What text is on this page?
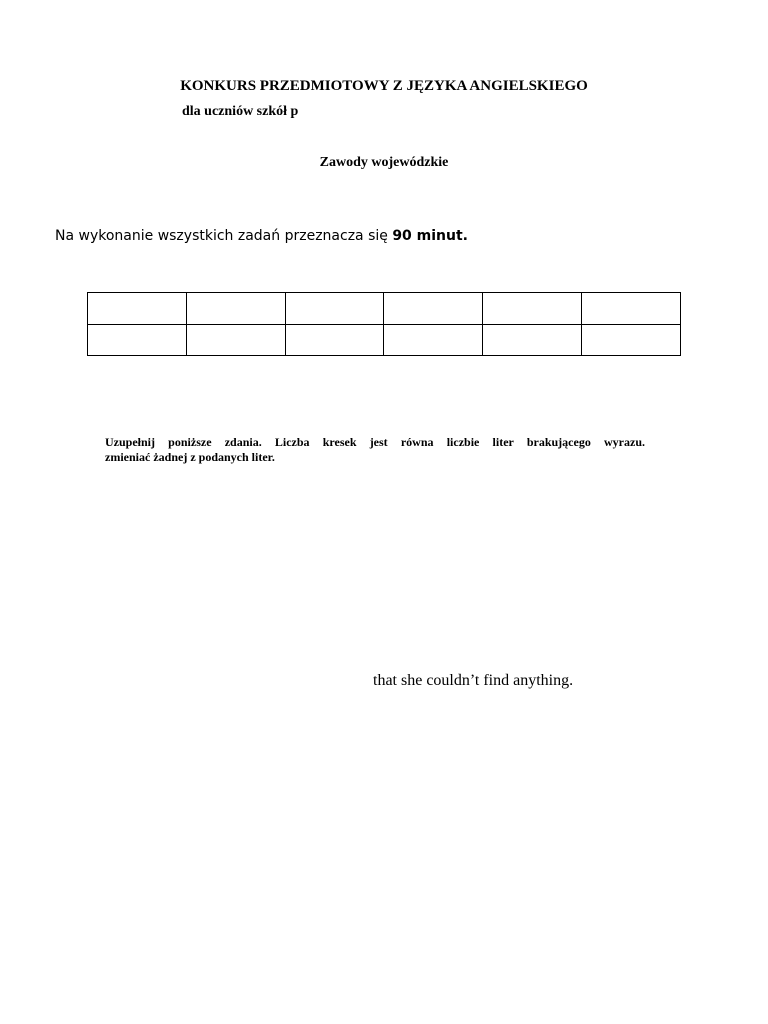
KONKURS PRZEDMIOTOWY Z JĘZYKA ANGIELSKIEGO
dla uczniów szkół p
Zawody wojewódzkie
Na wykonanie wszystkich zadań przeznacza się 90 minut.

Uzupełnij poniższe zdania. Liczba kresek jest równa liczbie liter brakującego wyrazu.
zmieniać żadnej z podanych liter.
that she couldn’t find anything.
